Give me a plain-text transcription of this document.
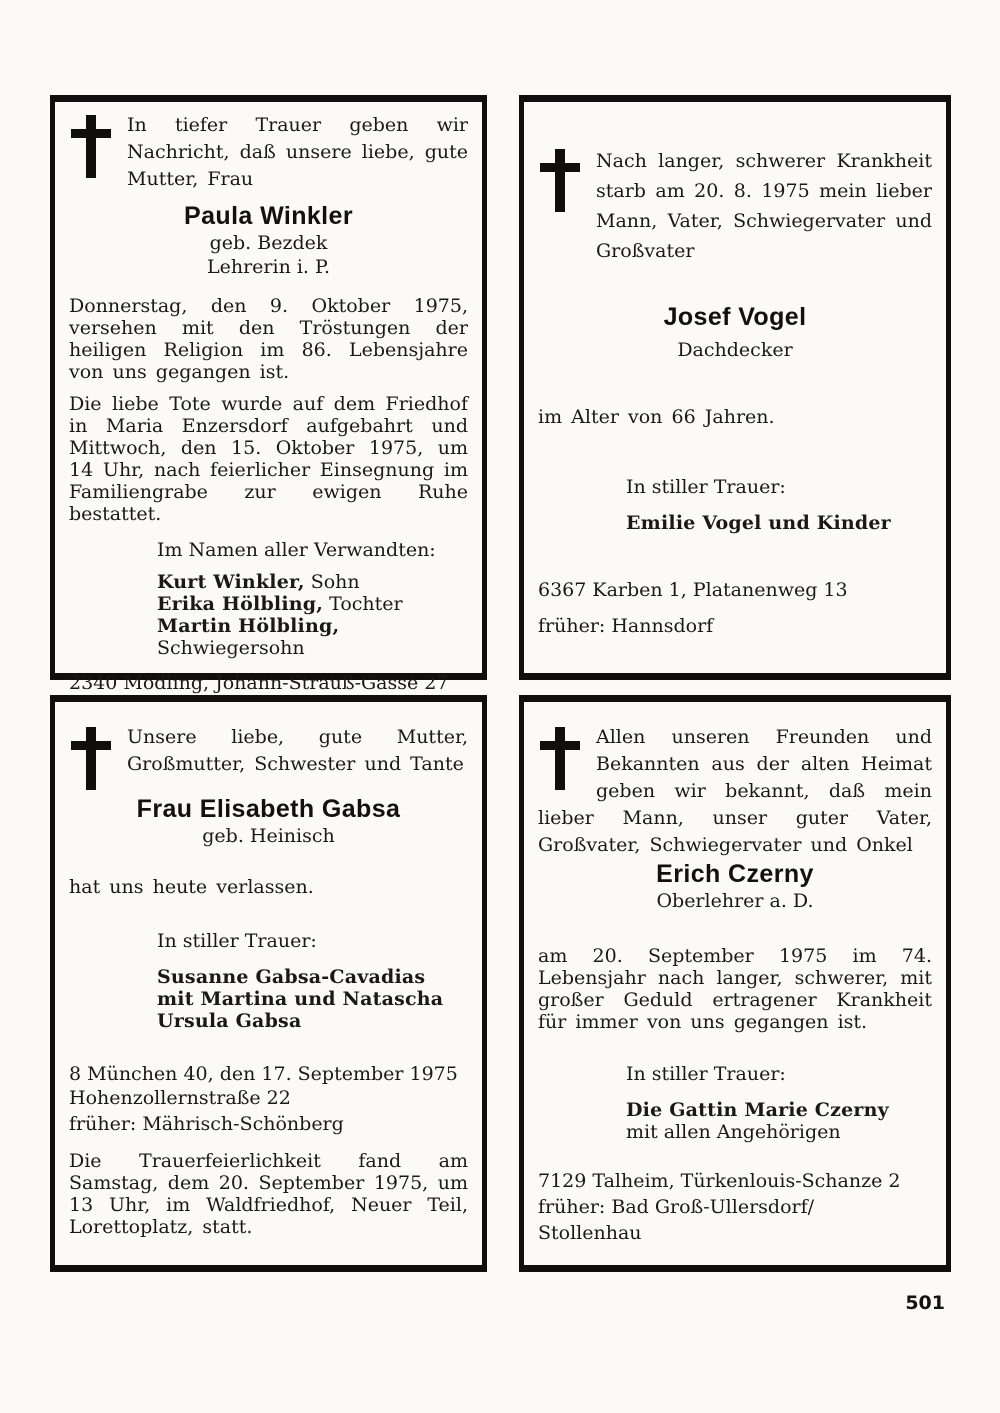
In tiefer Trauer geben wir Nachricht, daß unsere liebe, gute Mutter, Frau

Paula Winkler

geb. Bezdek

Lehrerin i. P.

Donnerstag, den 9. Oktober 1975, versehen mit den Tröstungen der heiligen Religion im 86. Lebensjahre von uns gegangen ist.

Die liebe Tote wurde auf dem Friedhof in Maria Enzersdorf aufgebahrt und Mittwoch, den 15. Oktober 1975, um 14 Uhr, nach feierlicher Einsegnung im Familiengrabe zur ewigen Ruhe bestattet.

Im Namen aller Verwandten:

Kurt Winkler, Sohn

Erika Hölbling, Tochter

Martin Hölbling,

Schwiegersohn

2340 Mödling, Johann-Strauß-Gasse 27

Nach langer, schwerer Krankheit starb am 20. 8. 1975 mein lieber Mann, Vater, Schwiegervater und Großvater

Josef Vogel

Dachdecker

im Alter von 66 Jahren.

In stiller Trauer:

Emilie Vogel und Kinder

6367 Karben 1, Platanenweg 13

früher: Hannsdorf

Unsere liebe, gute Mutter, Großmutter, Schwester und Tante

Frau Elisabeth Gabsa

geb. Heinisch

hat uns heute verlassen.

In stiller Trauer:

Susanne Gabsa-Cavadias

mit Martina und Natascha

Ursula Gabsa

8 München 40, den 17. September 1975

Hohenzollernstraße 22

früher: Mährisch-Schönberg

Die Trauerfeierlichkeit fand am Samstag, dem 20. September 1975, um 13 Uhr, im Waldfriedhof, Neuer Teil, Lorettoplatz, statt.

Allen unseren Freunden und Bekannten aus der alten Heimat geben wir bekannt, daß mein lieber Mann, unser guter Vater, Großvater, Schwiegervater und Onkel

Erich Czerny

Oberlehrer a. D.

am 20. September 1975 im 74. Lebensjahr nach langer, schwerer, mit großer Geduld ertragener Krankheit für immer von uns gegangen ist.

In stiller Trauer:

Die Gattin Marie Czerny

mit allen Angehörigen

7129 Talheim, Türkenlouis-Schanze 2

früher: Bad Groß-Ullersdorf/

Stollenhau

501
